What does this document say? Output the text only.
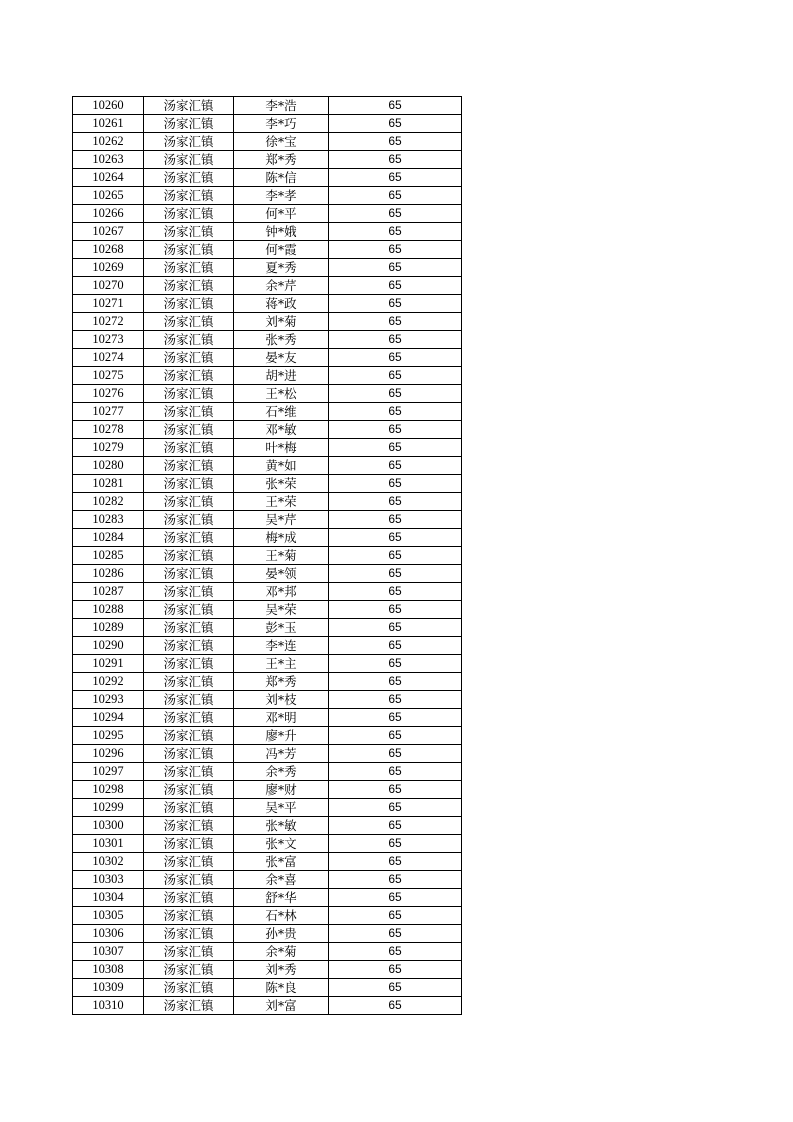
10260	汤家汇镇	李*浩	65
10261	汤家汇镇	李*巧	65
10262	汤家汇镇	徐*宝	65
10263	汤家汇镇	郑*秀	65
10264	汤家汇镇	陈*信	65
10265	汤家汇镇	李*孝	65
10266	汤家汇镇	何*平	65
10267	汤家汇镇	钟*娥	65
10268	汤家汇镇	何*霞	65
10269	汤家汇镇	夏*秀	65
10270	汤家汇镇	余*芹	65
10271	汤家汇镇	蒋*政	65
10272	汤家汇镇	刘*菊	65
10273	汤家汇镇	张*秀	65
10274	汤家汇镇	晏*友	65
10275	汤家汇镇	胡*进	65
10276	汤家汇镇	王*松	65
10277	汤家汇镇	石*维	65
10278	汤家汇镇	邓*敏	65
10279	汤家汇镇	叶*梅	65
10280	汤家汇镇	黄*如	65
10281	汤家汇镇	张*荣	65
10282	汤家汇镇	王*荣	65
10283	汤家汇镇	吴*芹	65
10284	汤家汇镇	梅*成	65
10285	汤家汇镇	王*菊	65
10286	汤家汇镇	晏*领	65
10287	汤家汇镇	邓*邦	65
10288	汤家汇镇	吴*荣	65
10289	汤家汇镇	彭*玉	65
10290	汤家汇镇	李*连	65
10291	汤家汇镇	王*主	65
10292	汤家汇镇	郑*秀	65
10293	汤家汇镇	刘*枝	65
10294	汤家汇镇	邓*明	65
10295	汤家汇镇	廖*升	65
10296	汤家汇镇	冯*芳	65
10297	汤家汇镇	余*秀	65
10298	汤家汇镇	廖*财	65
10299	汤家汇镇	吴*平	65
10300	汤家汇镇	张*敏	65
10301	汤家汇镇	张*文	65
10302	汤家汇镇	张*富	65
10303	汤家汇镇	余*喜	65
10304	汤家汇镇	舒*华	65
10305	汤家汇镇	石*林	65
10306	汤家汇镇	孙*贵	65
10307	汤家汇镇	余*菊	65
10308	汤家汇镇	刘*秀	65
10309	汤家汇镇	陈*良	65
10310	汤家汇镇	刘*富	65
